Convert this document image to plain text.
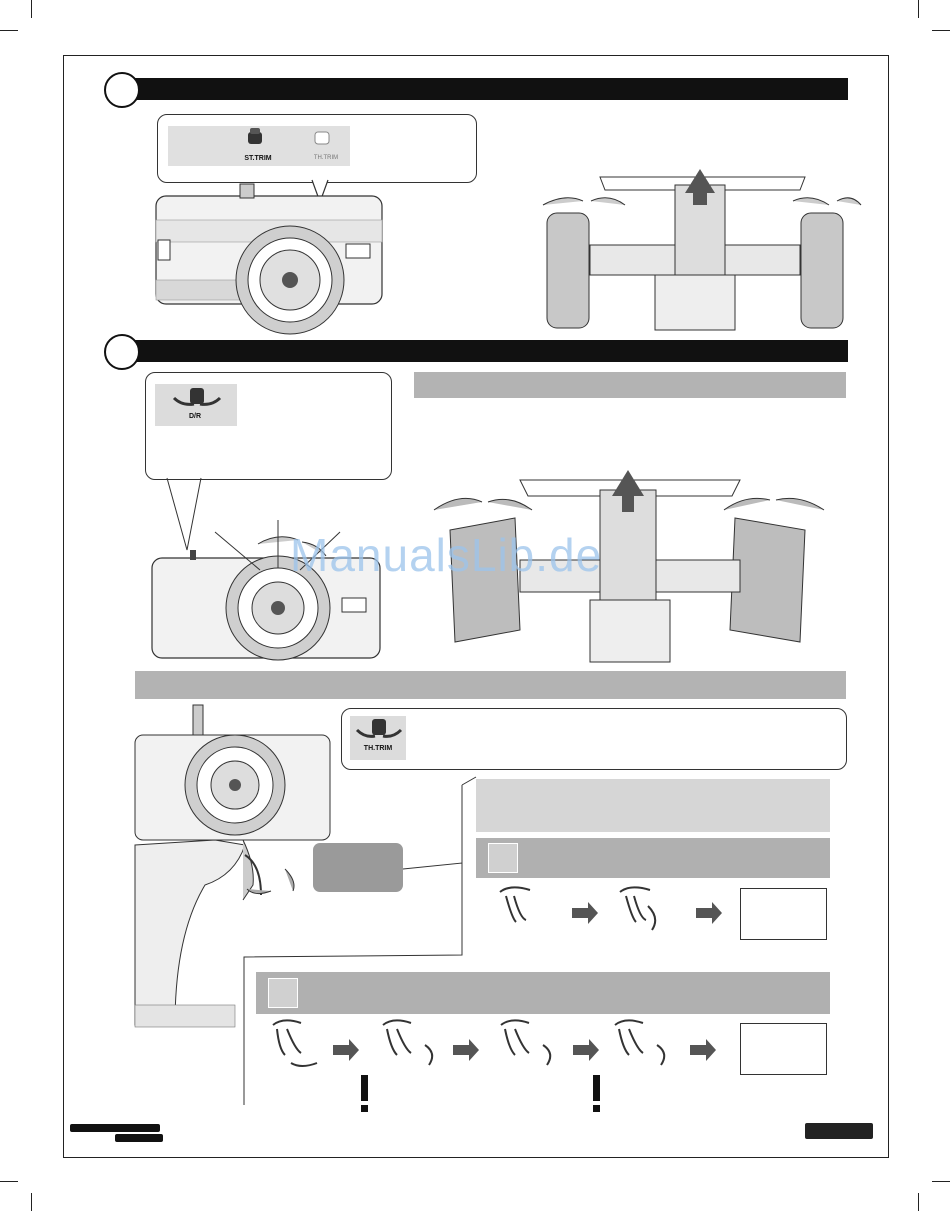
ST.TRIM	TH.TRIM
D/R
ManualsLib.de
TH.TRIM
